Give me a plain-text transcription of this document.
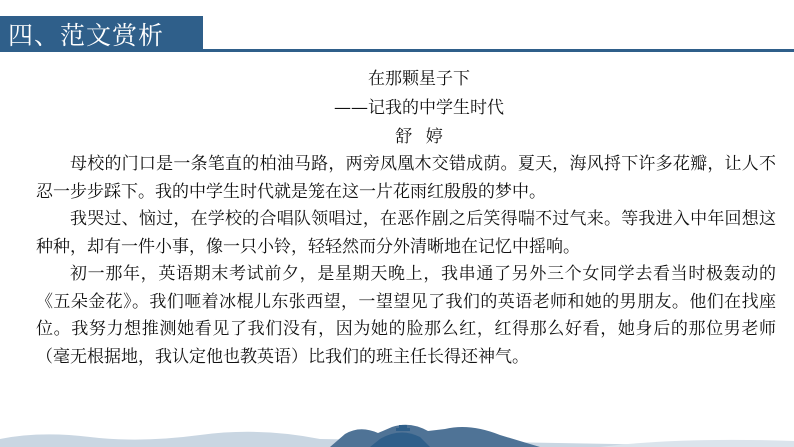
四、范文赏析
在那颗星子下
——记我的中学生时代
舒 婷

母校的门口是一条笔直的柏油马路，两旁凤凰木交错成荫。夏天，海风捋下许多花瓣，让人不忍一步步踩下。我的中学生时代就是笼在这一片花雨红殷殷的梦中。

我哭过、恼过，在学校的合唱队领唱过，在恶作剧之后笑得喘不过气来。等我进入中年回想这种种，却有一件小事，像一只小铃，轻轻然而分外清晰地在记忆中摇响。

初一那年，英语期末考试前夕，是星期天晚上，我串通了另外三个女同学去看当时极轰动的《五朵金花》。我们咂着冰棍儿东张西望，一望望见了我们的英语老师和她的男朋友。他们在找座位。我努力想推测她看见了我们没有，因为她的脸那么红，红得那么好看，她身后的那位男老师（毫无根据地，我认定他也教英语）比我们的班主任长得还神气。
